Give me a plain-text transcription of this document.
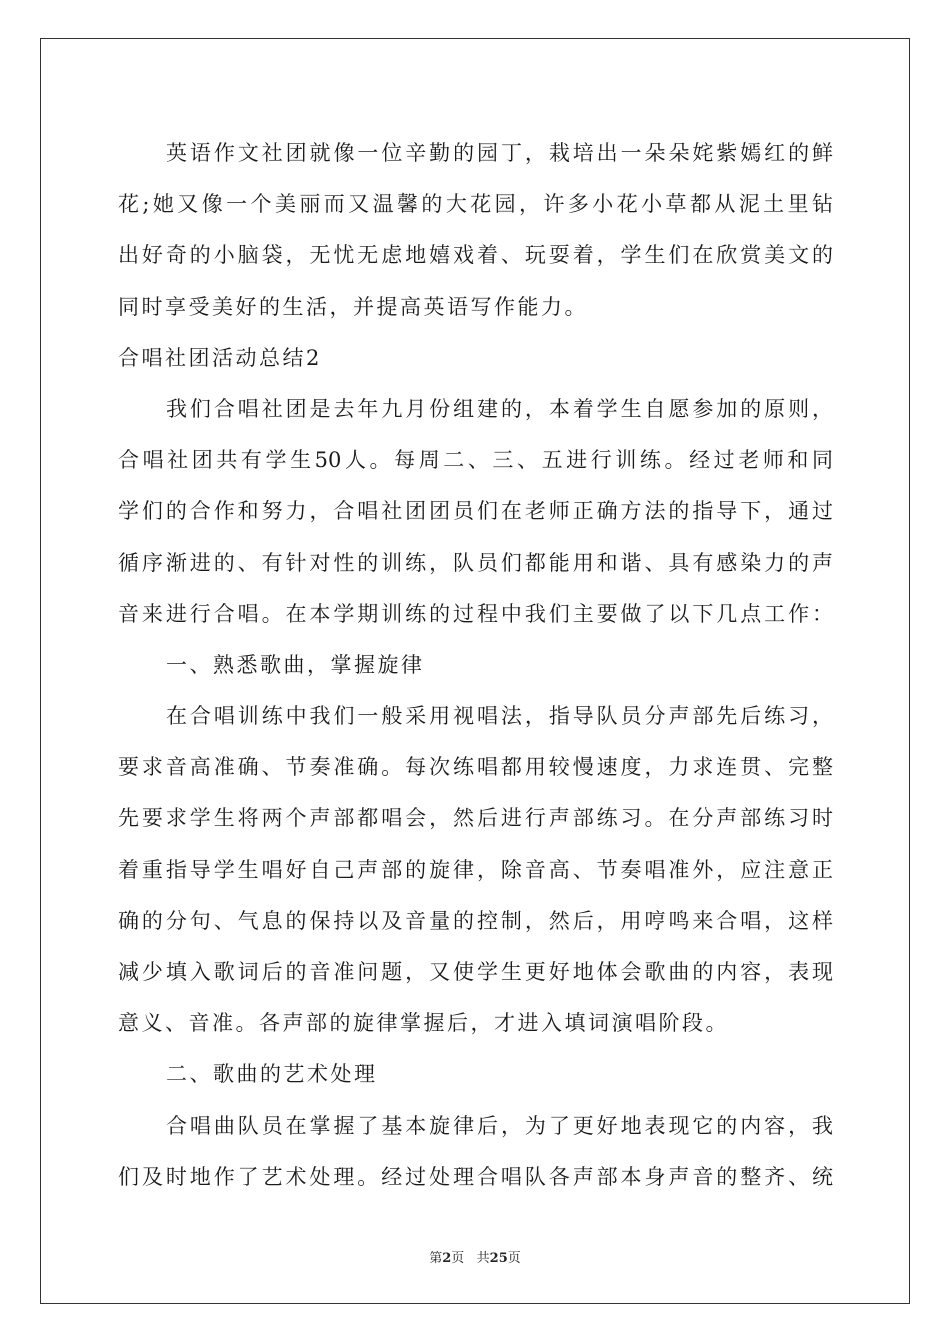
英语作文社团就像一位辛勤的园丁，栽培出一朵朵姹紫嫣红的鲜
花;她又像一个美丽而又温馨的大花园，许多小花小草都从泥土里钻
出好奇的小脑袋，无忧无虑地嬉戏着、玩耍着，学生们在欣赏美文的
同时享受美好的生活，并提高英语写作能力。
合唱社团活动总结2
我们合唱社团是去年九月份组建的，本着学生自愿参加的原则，
合唱社团共有学生50人。每周二、三、五进行训练。经过老师和同
学们的合作和努力，合唱社团团员们在老师正确方法的指导下，通过
循序渐进的、有针对性的训练，队员们都能用和谐、具有感染力的声
音来进行合唱。在本学期训练的过程中我们主要做了以下几点工作：
一、熟悉歌曲，掌握旋律
在合唱训练中我们一般采用视唱法，指导队员分声部先后练习，
要求音高准确、节奏准确。每次练唱都用较慢速度，力求连贯、完整
先要求学生将两个声部都唱会，然后进行声部练习。在分声部练习时
着重指导学生唱好自己声部的旋律，除音高、节奏唱准外，应注意正
确的分句、气息的保持以及音量的控制，然后，用哼鸣来合唱，这样
减少填入歌词后的音准问题，又使学生更好地体会歌曲的内容，表现
意义、音准。各声部的旋律掌握后，才进入填词演唱阶段。
二、歌曲的艺术处理
合唱曲队员在掌握了基本旋律后，为了更好地表现它的内容，我
们及时地作了艺术处理。经过处理合唱队各声部本身声音的整齐、统
第2页   共25页
